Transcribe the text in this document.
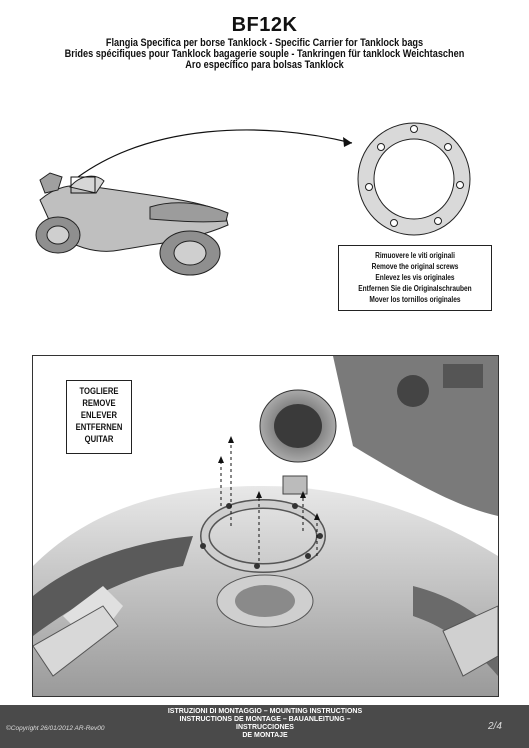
BF12K
Flangia Specifica per borse Tanklock - Specific Carrier for Tanklock bags
Brides spécifiques pour Tanklock bagagerie souple - Tankringen für tanklock Weichtaschen
Aro específico para bolsas Tanklock
Rimuovere le viti originali
Remove the original screws
Enlevez les vis originales
Entfernen Sie die Originalschrauben
Mover los tornillos originales
TOGLIERE
REMOVE
ENLEVER
ENTFERNEN
QUITAR
©Copyright 26/01/2012 AR-Rev00
ISTRUZIONI DI MONTAGGIO – MOUNTING INSTRUCTIONS
INSTRUCTIONS DE MONTAGE – BAUANLEITUNG – INSTRUCCIONES
DE MONTAJE
2/4
